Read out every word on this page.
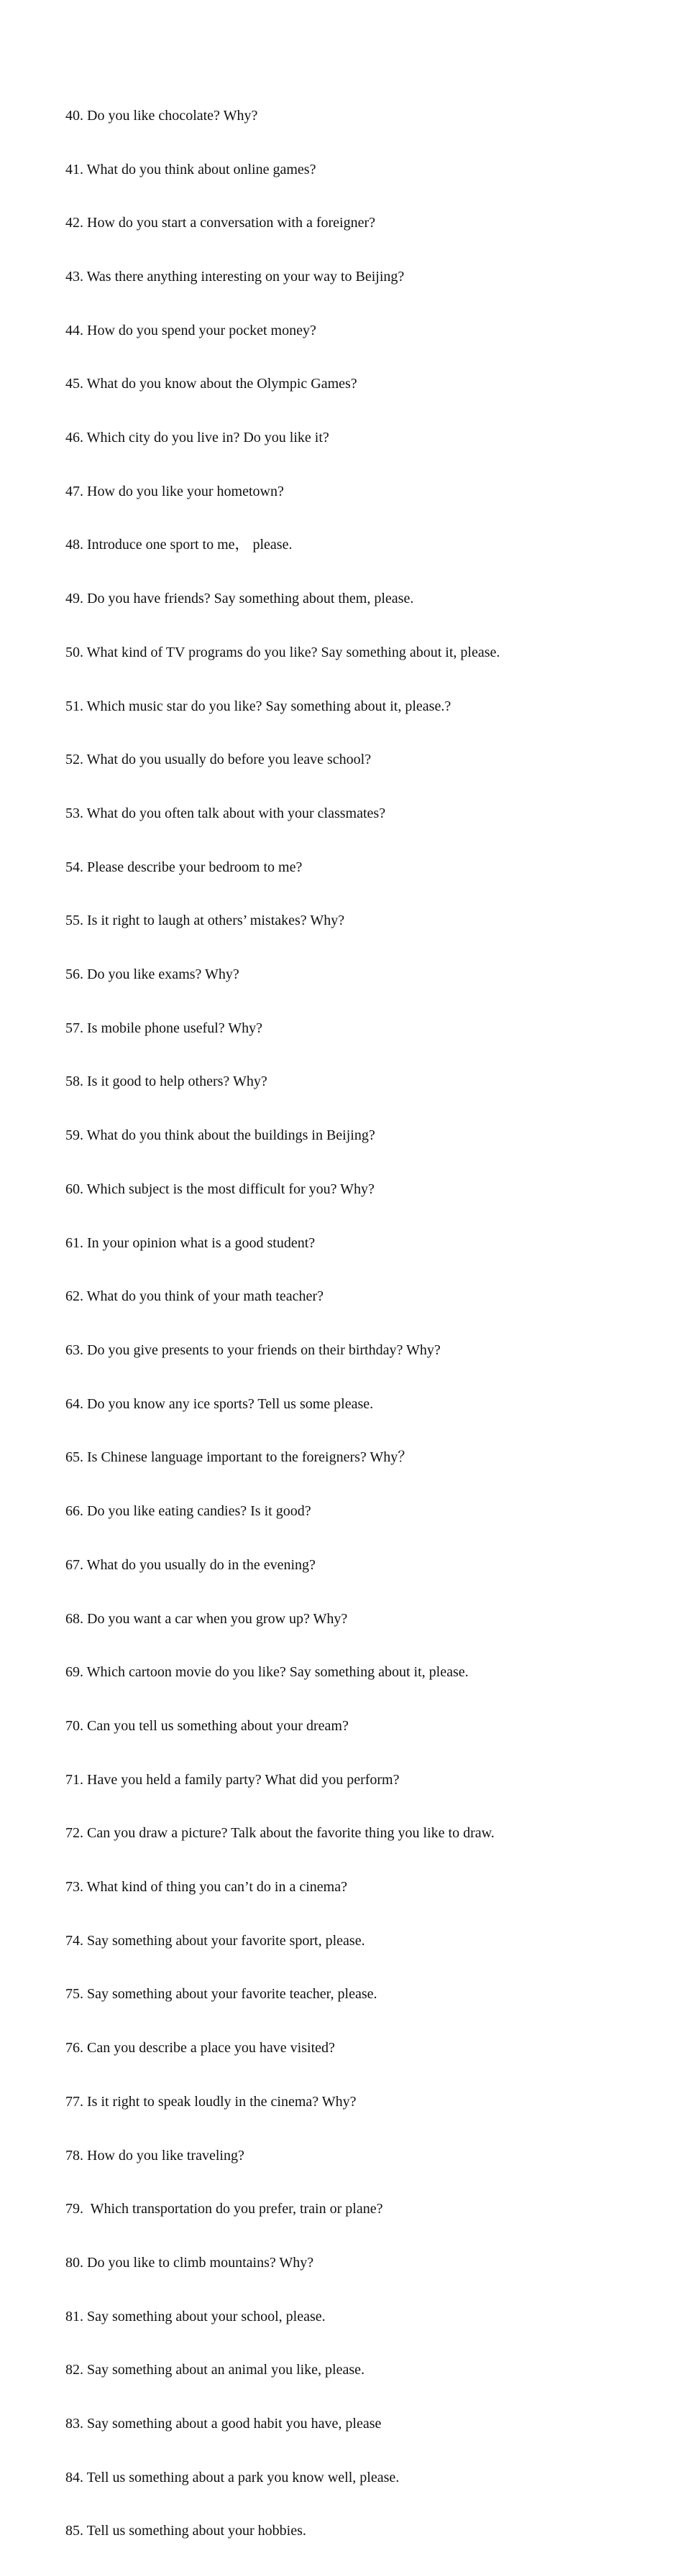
40. Do you like chocolate? Why?

41. What do you think about online games?

42. How do you start a conversation with a foreigner?

43. Was there anything interesting on your way to Beijing?

44. How do you spend your pocket money?

45. What do you know about the Olympic Games?

46. Which city do you live in? Do you like it?

47. How do you like your hometown?

48. Introduce one sport to me， please.

49. Do you have friends? Say something about them, please.

50. What kind of TV programs do you like? Say something about it, please.

51. Which music star do you like? Say something about it, please.?

52. What do you usually do before you leave school?

53. What do you often talk about with your classmates?

54. Please describe your bedroom to me?

55. Is it right to laugh at others’ mistakes? Why?

56. Do you like exams? Why?

57. Is mobile phone useful? Why?

58. Is it good to help others? Why?

59. What do you think about the buildings in Beijing?

60. Which subject is the most difficult for you? Why?

61. In your opinion what is a good student?

62. What do you think of your math teacher?

63. Do you give presents to your friends on their birthday? Why?

64. Do you know any ice sports? Tell us some please.

65. Is Chinese language important to the foreigners? Why？

66. Do you like eating candies? Is it good?

67. What do you usually do in the evening?

68. Do you want a car when you grow up? Why?

69. Which cartoon movie do you like? Say something about it, please.

70. Can you tell us something about your dream?

71. Have you held a family party? What did you perform?

72. Can you draw a picture? Talk about the favorite thing you like to draw.

73. What kind of thing you can’t do in a cinema?

74. Say something about your favorite sport, please.

75. Say something about your favorite teacher, please.

76. Can you describe a place you have visited?

77. Is it right to speak loudly in the cinema? Why?

78. How do you like traveling?

79.  Which transportation do you prefer, train or plane?

80. Do you like to climb mountains? Why?

81. Say something about your school, please.

82. Say something about an animal you like, please.

83. Say something about a good habit you have, please

84. Tell us something about a park you know well, please.

85. Tell us something about your hobbies.
